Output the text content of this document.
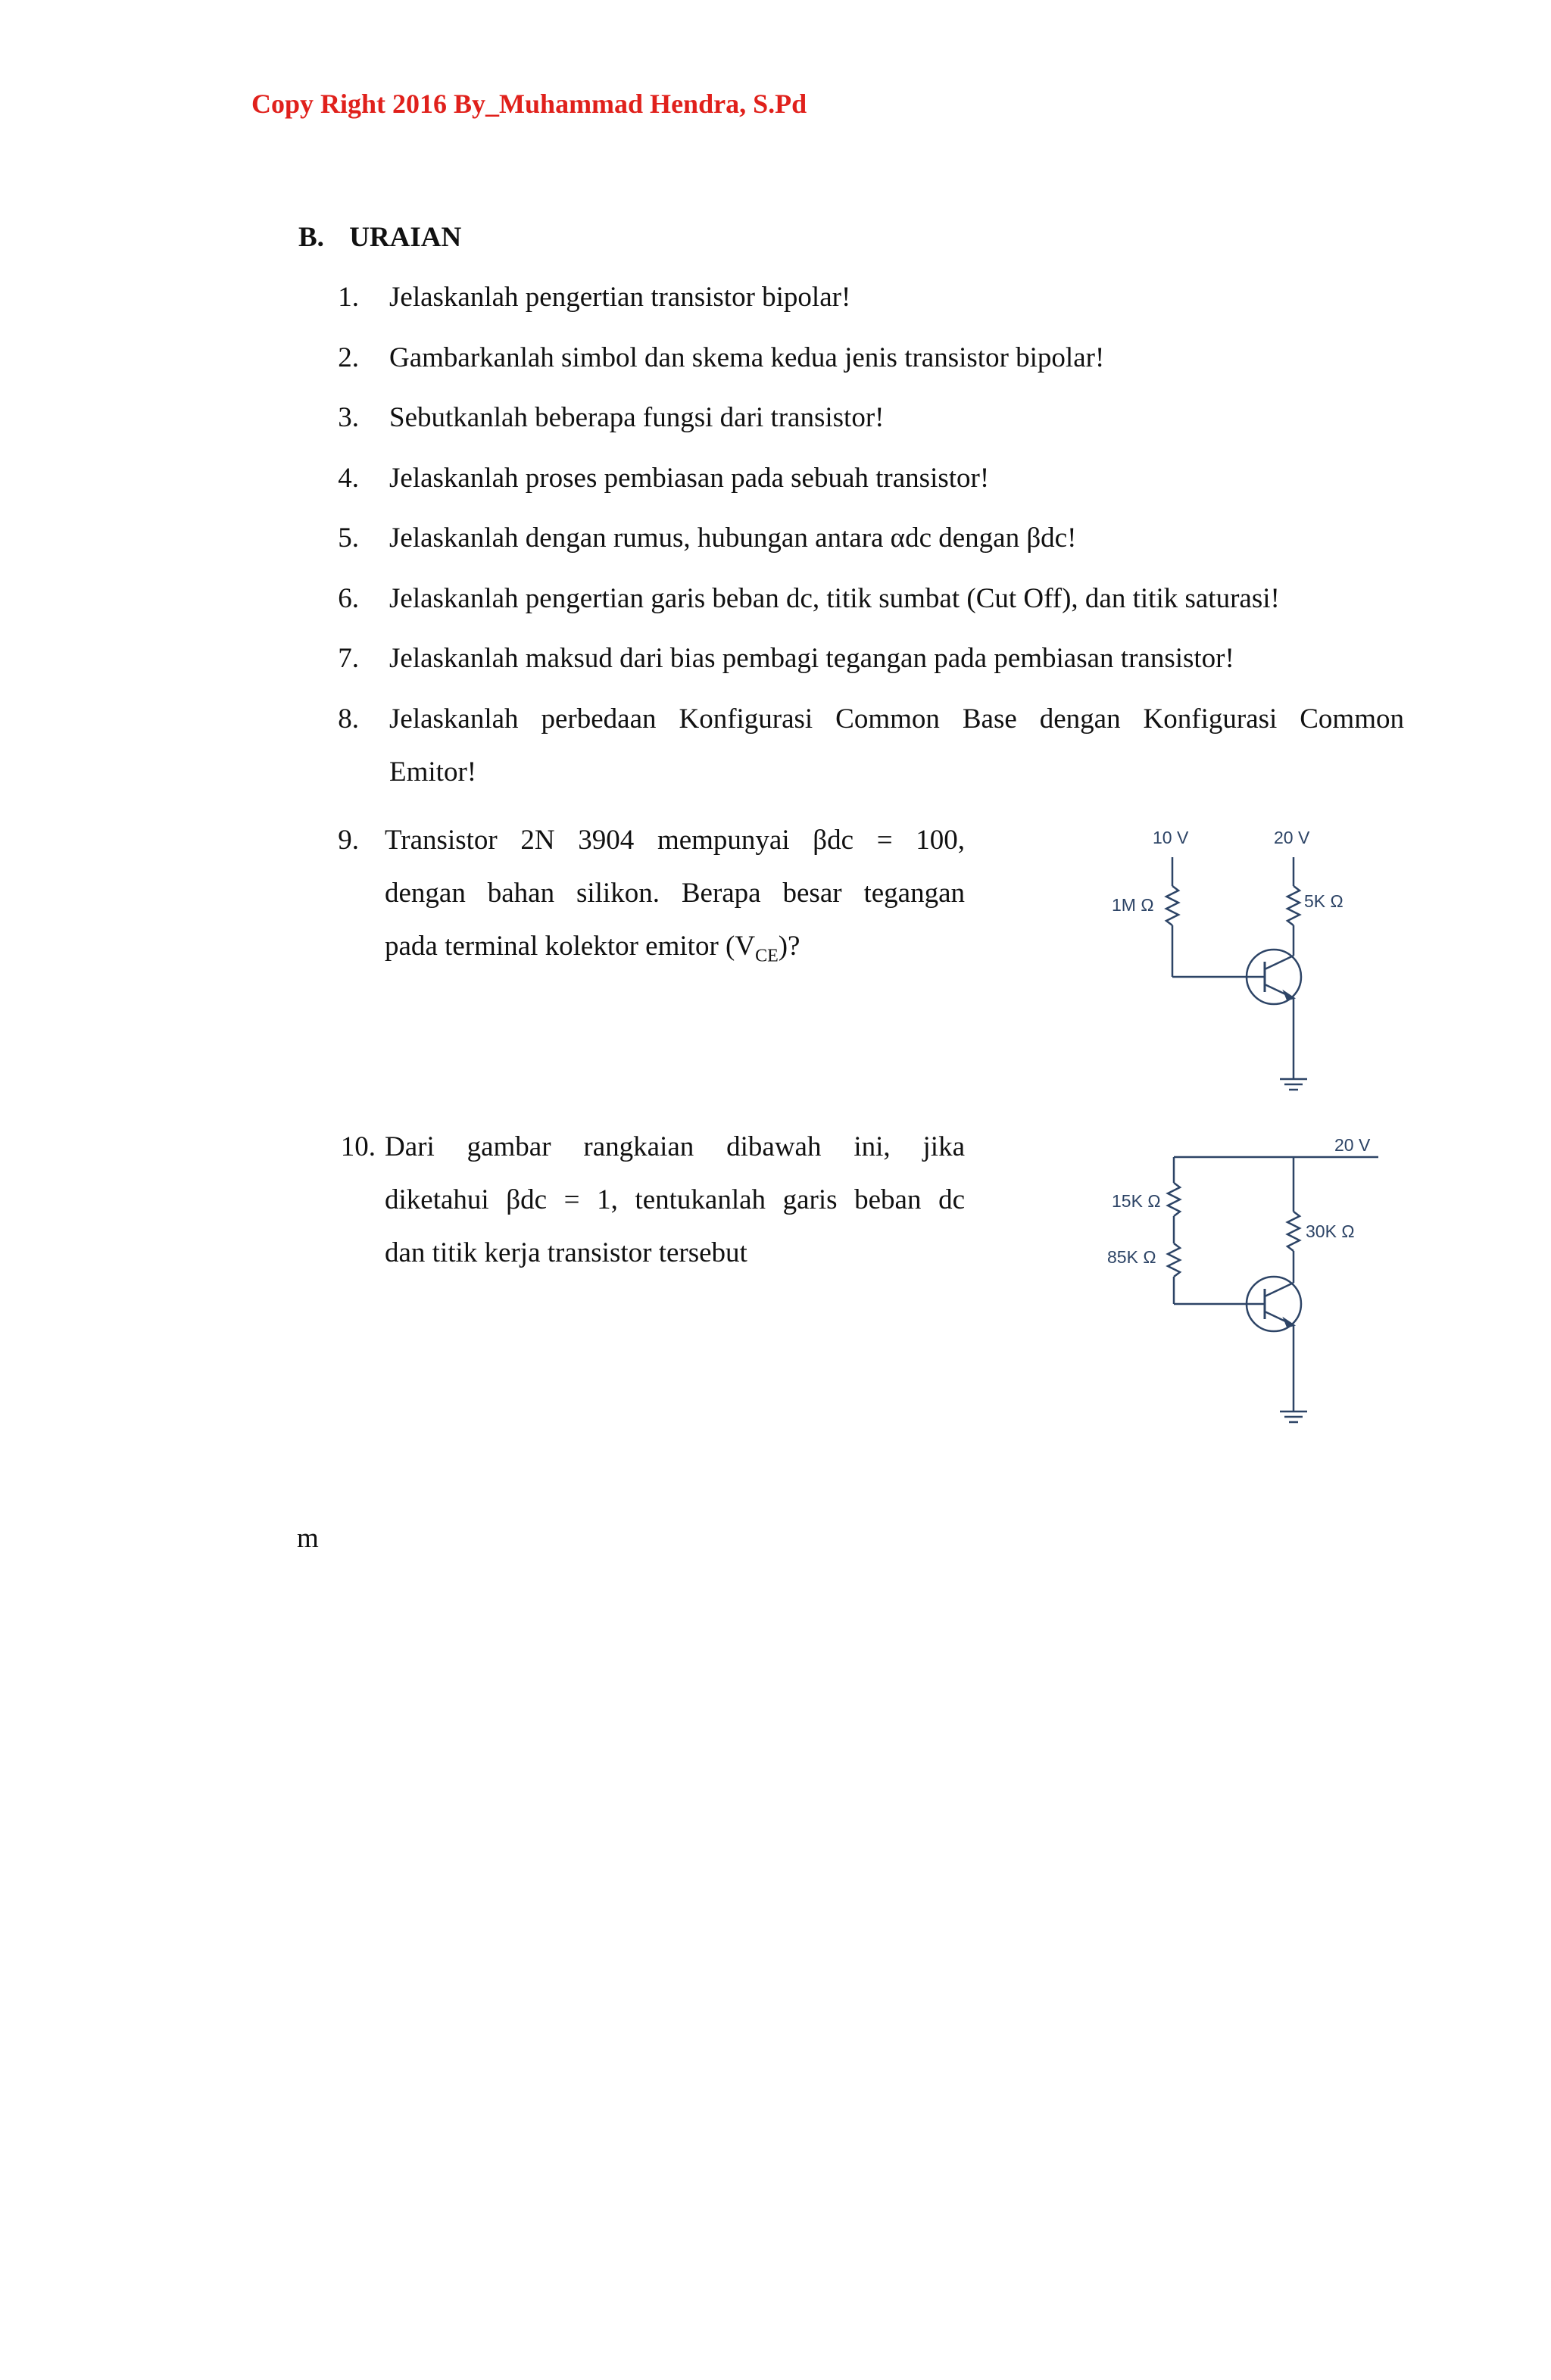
Copy Right 2016 By_Muhammad Hendra, S.Pd
B. URAIAN
1. Jelaskanlah pengertian transistor bipolar!
2. Gambarkanlah simbol dan skema kedua jenis transistor bipolar!
3. Sebutkanlah beberapa fungsi dari transistor!
4. Jelaskanlah proses pembiasan pada sebuah transistor!
5. Jelaskanlah dengan rumus, hubungan antara αdc dengan βdc!
6. Jelaskanlah pengertian garis beban dc, titik sumbat (Cut Off), dan titik saturasi!
7. Jelaskanlah maksud dari bias pembagi tegangan pada pembiasan transistor!
8. Jelaskanlah perbedaan Konfigurasi Common Base dengan Konfigurasi Common
Emitor!
9. Transistor 2N 3904 mempunyai βdc = 100,
dengan bahan silikon. Berapa besar tegangan
pada terminal kolektor emitor $(V_{CE})$?
10. Dari gambar rangkaian dibawah ini, jika
diketahui βdc = 1, tentukanlah garis beban dc
dan titik kerja transistor tersebut
10 V	20 V
1M Ω	5K Ω
20 V
15K Ω
85K Ω
30K Ω
m
